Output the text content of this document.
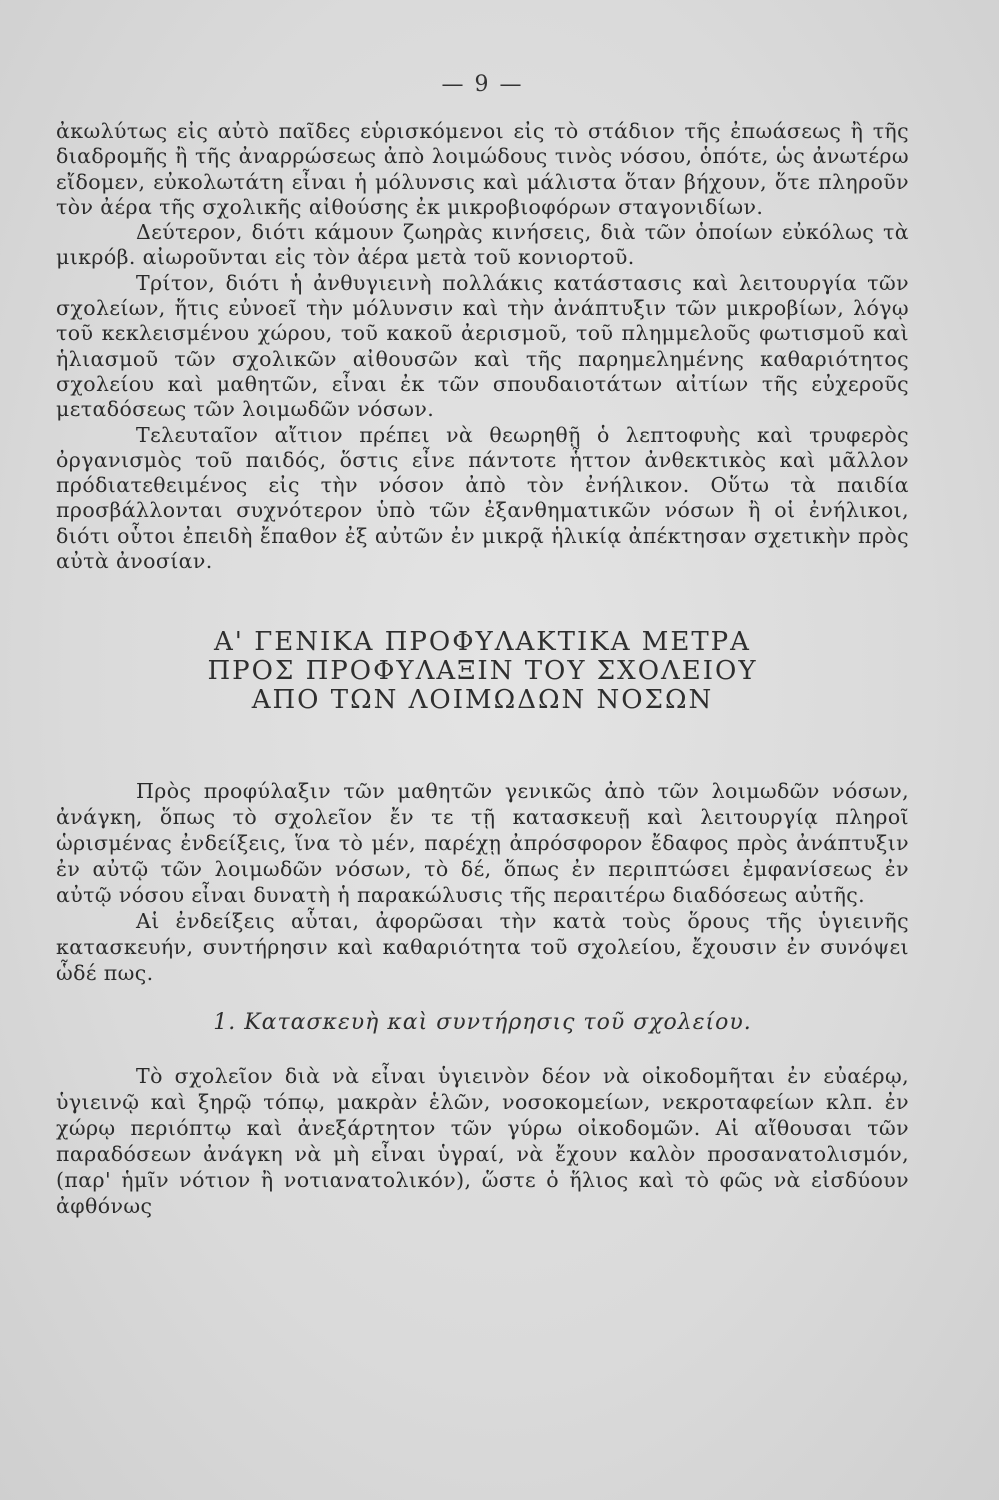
— 9 —

ἀκωλύτως εἰς αὐτὸ παῖδες εὑρισκόμενοι εἰς τὸ στάδιον τῆς ἐπωάσεως ἢ τῆς διαδρομῆς ἢ τῆς ἀναρρώσεως ἀπὸ λοιμώδους τινὸς νόσου, ὁπότε, ὡς ἀνωτέρω εἴδομεν, εὐκολωτάτη εἶναι ἡ μόλυνσις καὶ μάλιστα ὅταν βήχουν, ὅτε πληροῦν τὸν ἀέρα τῆς σχολικῆς αἰθούσης ἐκ μικροβιοφόρων σταγονιδίων.

Δεύτερον, διότι κάμουν ζωηρὰς κινήσεις, διὰ τῶν ὁποίων εὐκόλως τὰ μικρόβ. αἰωροῦνται εἰς τὸν ἀέρα μετὰ τοῦ κονιορτοῦ.

Τρίτον, διότι ἡ ἀνθυγιεινὴ πολλάκις κατάστασις καὶ λειτουργία τῶν σχολείων, ἥτις εὐνοεῖ τὴν μόλυνσιν καὶ τὴν ἀνάπτυξιν τῶν μικροβίων, λόγῳ τοῦ κεκλεισμένου χώρου, τοῦ κακοῦ ἀερισμοῦ, τοῦ πλημμελοῦς φωτισμοῦ καὶ ἡλιασμοῦ τῶν σχολικῶν αἰθουσῶν καὶ τῆς παρημελημένης καθαριότητος σχολείου καὶ μαθητῶν, εἶναι ἐκ τῶν σπουδαιοτάτων αἰτίων τῆς εὐχεροῦς μεταδόσεως τῶν λοιμωδῶν νόσων.

Τελευταῖον αἴτιον πρέπει νὰ θεωρηθῇ ὁ λεπτοφυὴς καὶ τρυφερὸς ὀργανισμὸς τοῦ παιδός, ὅστις εἶνε πάντοτε ἧττον ἀνθεκτικὸς καὶ μᾶλλον πρόδιατεθειμένος εἰς τὴν νόσον ἀπὸ τὸν ἐνήλικον. Οὕτω τὰ παιδία προσβάλλονται συχνότερον ὑπὸ τῶν ἐξανθηματικῶν νόσων ἢ οἱ ἐνήλικοι, διότι οὗτοι ἐπειδὴ ἔπαθον ἐξ αὐτῶν ἐν μικρᾷ ἡλικίᾳ ἀπέκτησαν σχετικὴν πρὸς αὐτὰ ἀνοσίαν.

Α' ΓΕΝΙΚΑ ΠΡΟΦΥΛΑΚΤΙΚΑ ΜΕΤΡΑ
ΠΡΟΣ ΠΡΟΦΥΛΑΞΙΝ ΤΟΥ ΣΧΟΛΕΙΟΥ
ΑΠΟ ΤΩΝ ΛΟΙΜΩΔΩΝ ΝΟΣΩΝ

Πρὸς προφύλαξιν τῶν μαθητῶν γενικῶς ἀπὸ τῶν λοιμωδῶν νόσων, ἀνάγκη, ὅπως τὸ σχολεῖον ἔν τε τῇ κατασκευῇ καὶ λειτουργίᾳ πληροῖ ὡρισμένας ἐνδείξεις, ἵνα τὸ μέν, παρέχῃ ἀπρόσφορον ἔδαφος πρὸς ἀνάπτυξιν ἐν αὐτῷ τῶν λοιμωδῶν νόσων, τὸ δέ, ὅπως ἐν περιπτώσει ἐμφανίσεως ἐν αὐτῷ νόσου εἶναι δυνατὴ ἡ παρακώλυσις τῆς περαιτέρω διαδόσεως αὐτῆς.

Αἱ ἐνδείξεις αὗται, ἀφορῶσαι τὴν κατὰ τοὺς ὅρους τῆς ὑγιεινῆς κατασκευήν, συντήρησιν καὶ καθαριότητα τοῦ σχολείου, ἔχουσιν ἐν συνόψει ὧδέ πως.

1. Κατασκευὴ καὶ συντήρησις τοῦ σχολείου.

Τὸ σχολεῖον διὰ νὰ εἶναι ὑγιεινὸν δέον νὰ οἰκοδομῆται ἐν εὐαέρῳ, ὑγιεινῷ καὶ ξηρῷ τόπῳ, μακρὰν ἑλῶν, νοσοκομείων, νεκροταφείων κλπ. ἐν χώρῳ περιόπτῳ καὶ ἀνεξάρτητον τῶν γύρω οἰκοδομῶν. Αἱ αἴθουσαι τῶν παραδόσεων ἀνάγκη νὰ μὴ εἶναι ὑγραί, νὰ ἔχουν καλὸν προσανατολισμόν, (παρ' ἡμῖν νότιον ἢ νοτιανατολικόν), ὥστε ὁ ἥλιος καὶ τὸ φῶς νὰ εἰσδύουν ἀφθόνως
